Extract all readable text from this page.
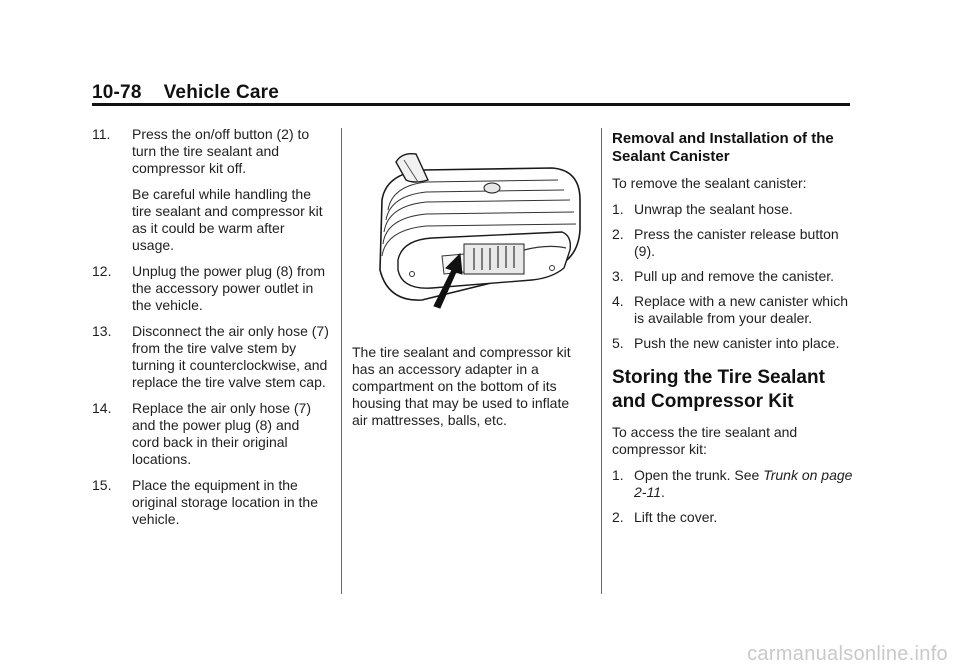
10-78 Vehicle Care
11. Press the on/off button (2) to turn the tire sealant and compressor kit off.

Be careful while handling the tire sealant and compressor kit as it could be warm after usage.

12. Unplug the power plug (8) from the accessory power outlet in the vehicle.
13. Disconnect the air only hose (7) from the tire valve stem by turning it counterclockwise, and replace the tire valve stem cap.
14. Replace the air only hose (7) and the power plug (8) and cord back in their original locations.
15. Place the equipment in the original storage location in the vehicle.

The tire sealant and compressor kit has an accessory adapter in a compartment on the bottom of its housing that may be used to inflate air mattresses, balls, etc.

Removal and Installation of the Sealant Canister

To remove the sealant canister:

1. Unwrap the sealant hose.
2. Press the canister release button (9).
3. Pull up and remove the canister.
4. Replace with a new canister which is available from your dealer.
5. Push the new canister into place.
Storing the Tire Sealant and Compressor Kit

To access the tire sealant and compressor kit:

1. Open the trunk. See Trunk on page 2-11.
2. Lift the cover.
carmanualsonline.info
